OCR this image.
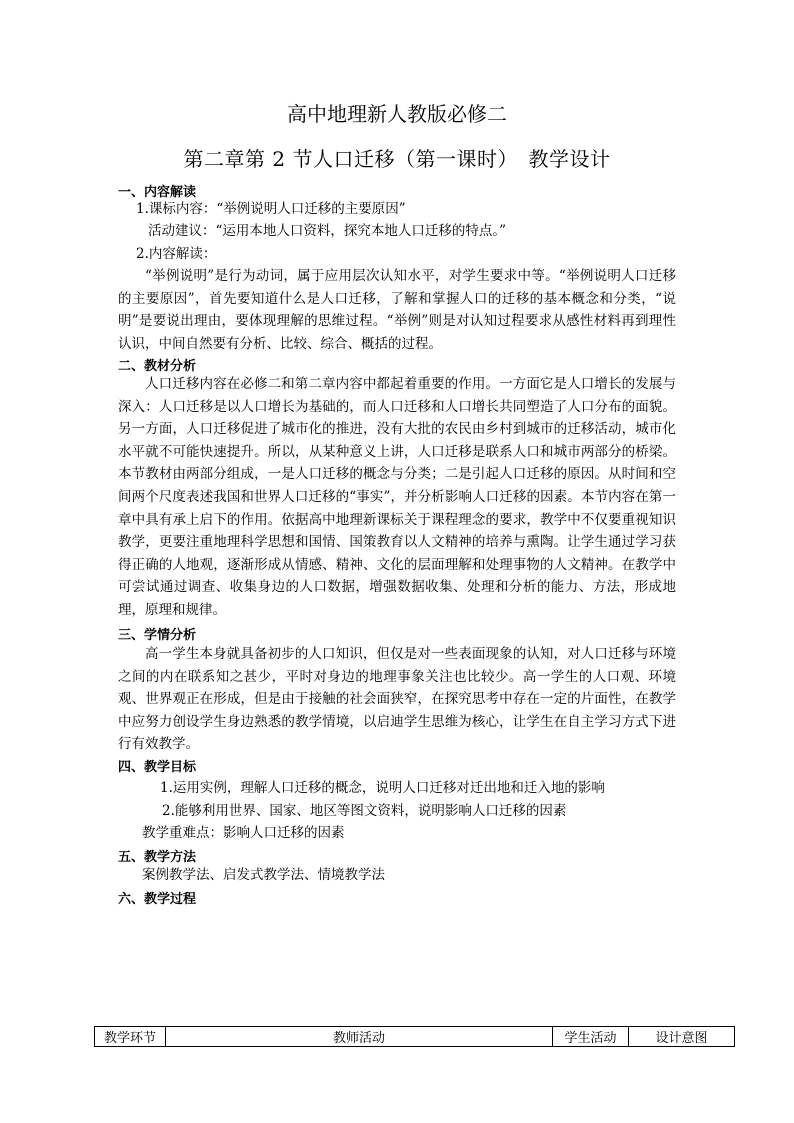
高中地理新人教版必修二
第二章第 2 节人口迁移（第一课时）　教学设计
一、内容解读
1.课标内容：“举例说明人口迁移的主要原因”
活动建议：“运用本地人口资料，探究本地人口迁移的特点。”
2.内容解读：
“举例说明”是行为动词，属于应用层次认知水平，对学生要求中等。“举例说明人口迁移的主要原因”，首先要知道什么是人口迁移，了解和掌握人口的迁移的基本概念和分类，“说明”是要说出理由，要体现理解的思维过程。“举例”则是对认知过程要求从感性材料再到理性认识，中间自然要有分析、比较、综合、概括的过程。
二、教材分析
人口迁移内容在必修二和第二章内容中都起着重要的作用。一方面它是人口增长的发展与深入：人口迁移是以人口增长为基础的，而人口迁移和人口增长共同塑造了人口分布的面貌。另一方面，人口迁移促进了城市化的推进，没有大批的农民由乡村到城市的迁移活动，城市化水平就不可能快速提升。所以，从某种意义上讲，人口迁移是联系人口和城市两部分的桥梁。本节教材由两部分组成，一是人口迁移的概念与分类；二是引起人口迁移的原因。从时间和空间两个尺度表述我国和世界人口迁移的“事实”，并分析影响人口迁移的因素。本节内容在第一章中具有承上启下的作用。依据高中地理新课标关于课程理念的要求，教学中不仅要重视知识教学，更要注重地理科学思想和国情、国策教育以人文精神的培养与熏陶。让学生通过学习获得正确的人地观，逐渐形成从情感、精神、文化的层面理解和处理事物的人文精神。在教学中可尝试通过调查、收集身边的人口数据，增强数据收集、处理和分析的能力、方法，形成地理，原理和规律。
三、学情分析
高一学生本身就具备初步的人口知识，但仅是对一些表面现象的认知，对人口迁移与环境之间的内在联系知之甚少，平时对身边的地理事象关注也比较少。高一学生的人口观、环境观、世界观正在形成，但是由于接触的社会面狭窄，在探究思考中存在一定的片面性，在教学中应努力创设学生身边熟悉的教学情境，以启迪学生思维为核心，让学生在自主学习方式下进行有效教学。
四、教学目标
1.运用实例，理解人口迁移的概念，说明人口迁移对迁出地和迁入地的影响
2.能够利用世界、国家、地区等图文资料，说明影响人口迁移的因素
教学重难点：影响人口迁移的因素
五、教学方法
案例教学法、启发式教学法、情境教学法
六、教学过程
教学环节	教师活动	学生活动	设计意图
